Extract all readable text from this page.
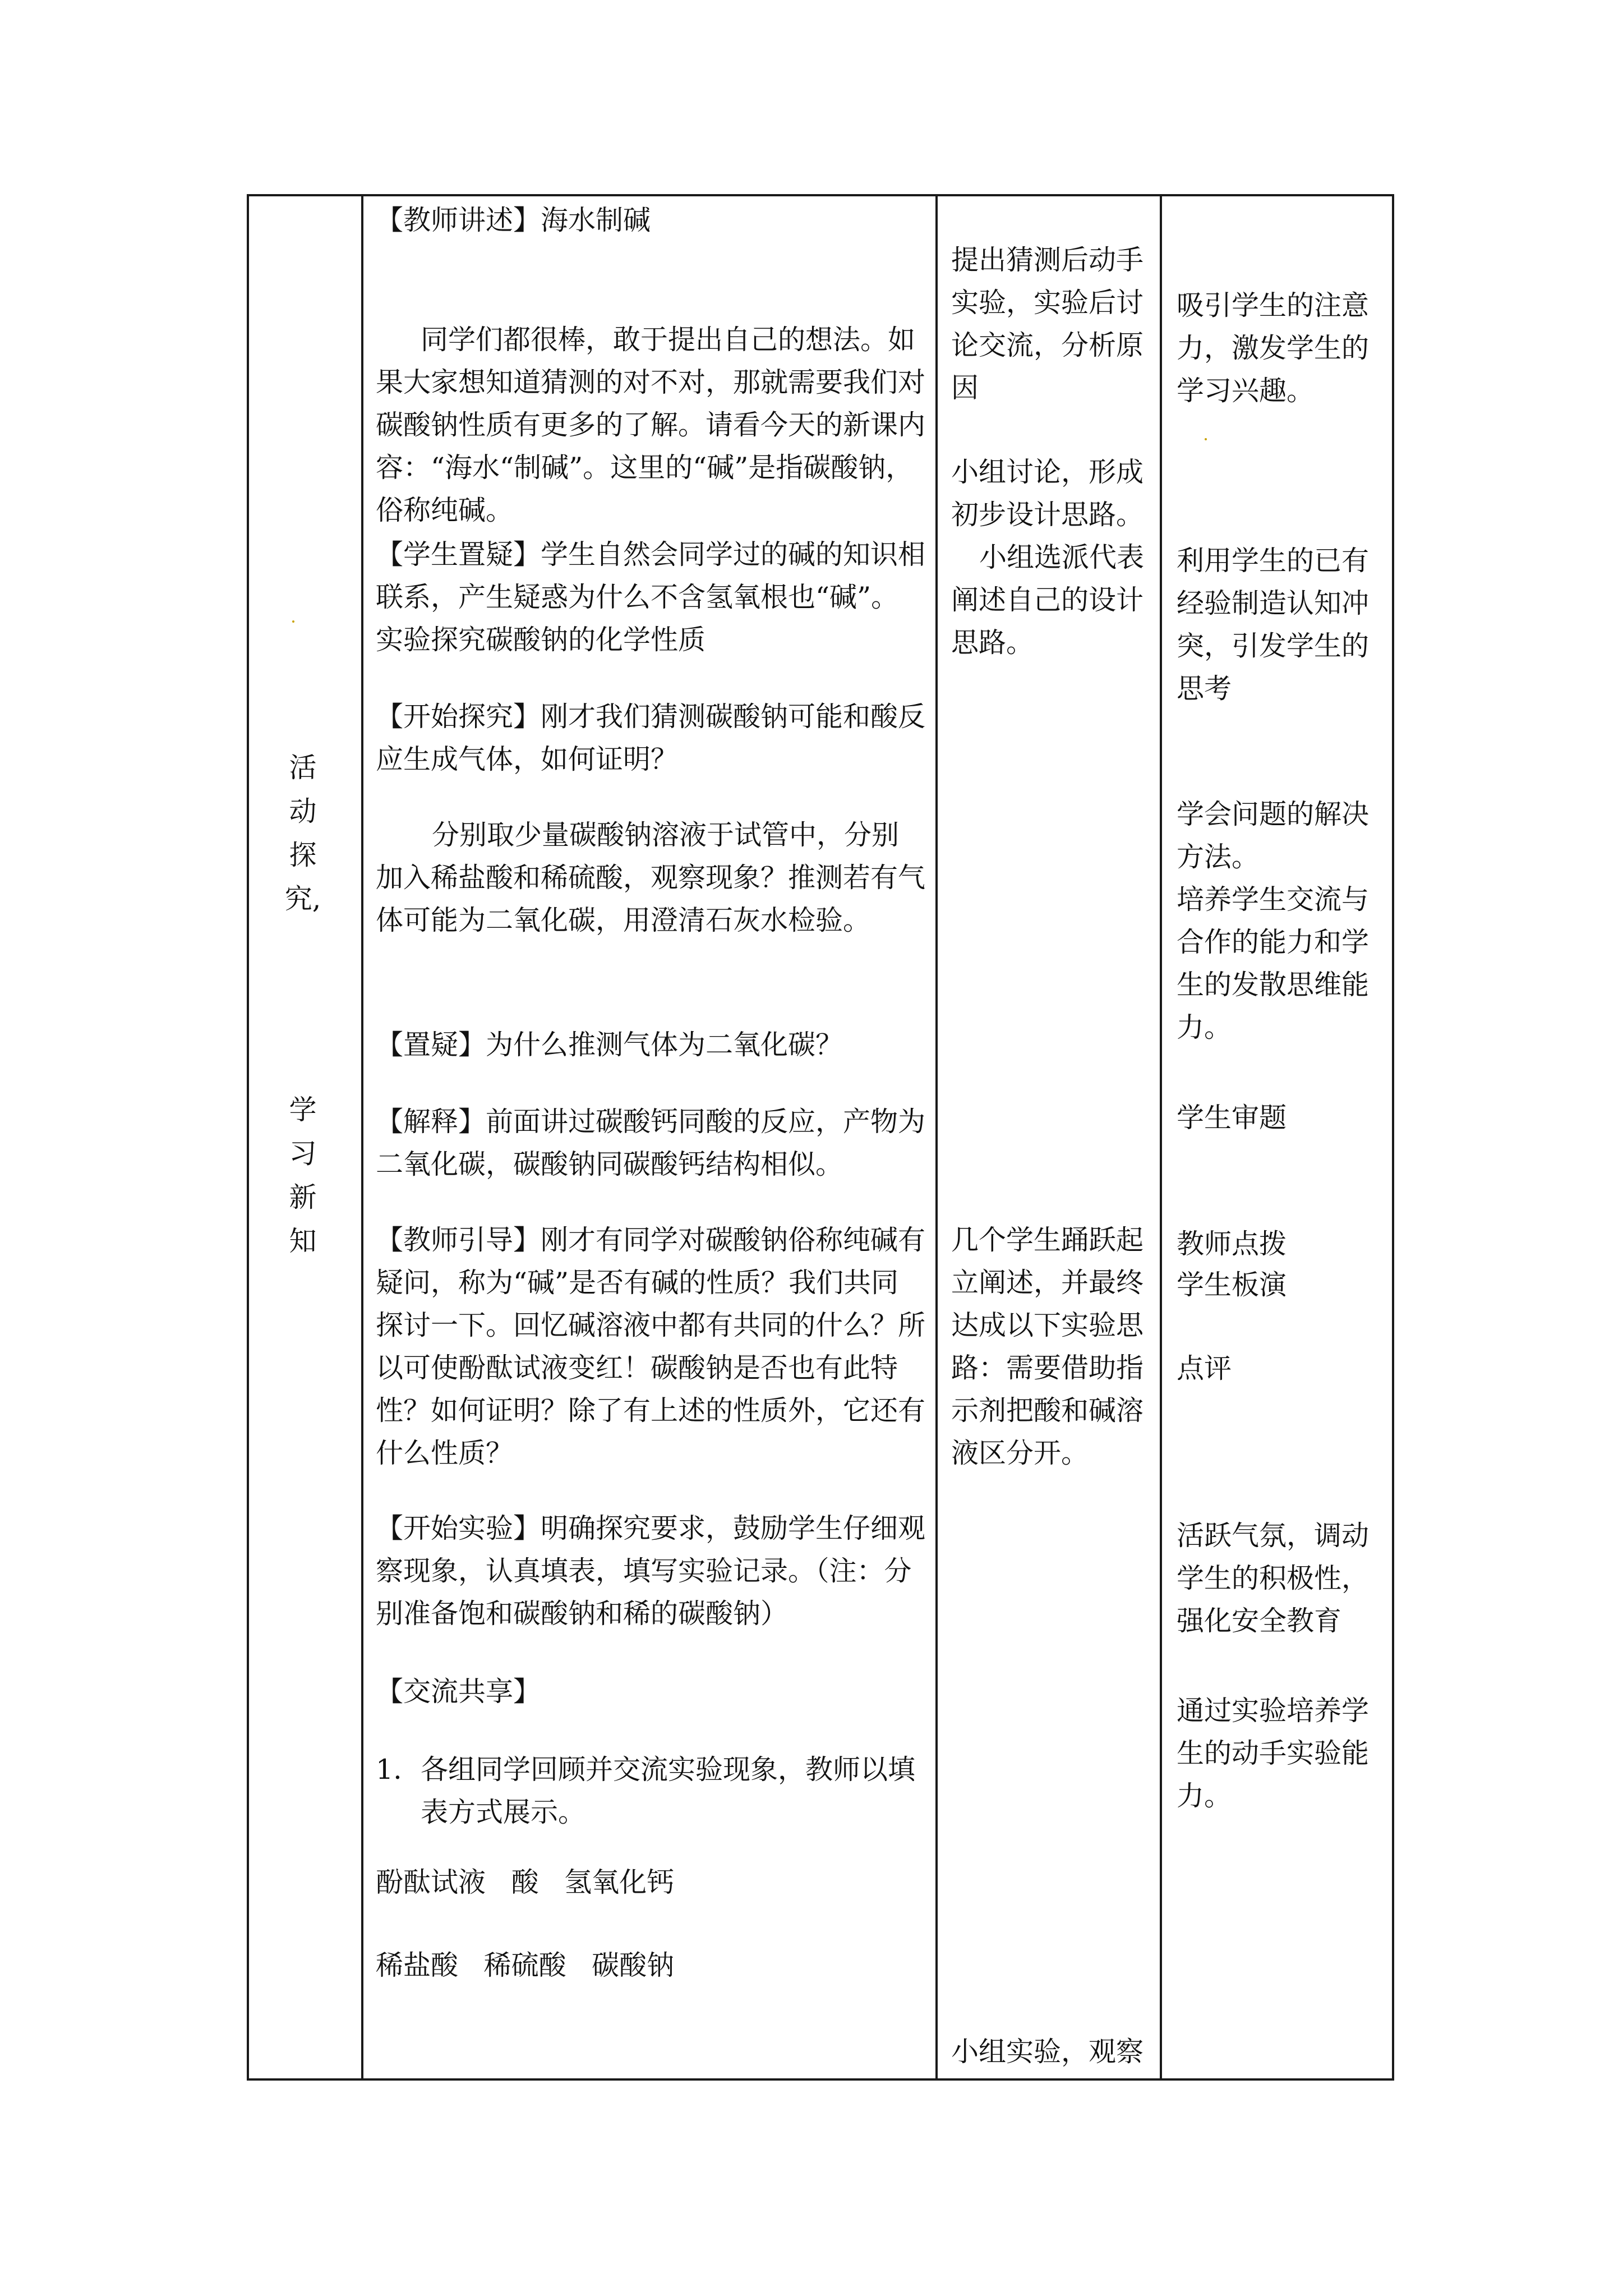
活
动
探
究,
学
习
新
知

【教师讲述】海水制碱

同学们都很棒，敢于提出自己的想法。如果大家想知道猜测的对不对，那就需要我们对碳酸钠性质有更多的了解。请看今天的新课内容：“海水“制碱”。这里的“碱”是指碳酸钠，俗称纯碱。

【学生置疑】学生自然会同学过的碱的知识相联系，产生疑惑为什么不含氢氧根也“碱”。 实验探究碳酸钠的化学性质

【开始探究】刚才我们猜测碳酸钠可能和酸反应生成气体，如何证明？

分别取少量碳酸钠溶液于试管中，分别加入稀盐酸和稀硫酸，观察现象？推测若有气体可能为二氧化碳，用澄清石灰水检验。

【置疑】为什么推测气体为二氧化碳？

【解释】前面讲过碳酸钙同酸的反应，产物为二氧化碳，碳酸钠同碳酸钙结构相似。

【教师引导】刚才有同学对碳酸钠俗称纯碱有疑问，称为“碱”是否有碱的性质？我们共同探讨一下。回忆碱溶液中都有共同的什么？所以可使酚酞试液变红！碳酸钠是否也有此特性？如何证明？除了有上述的性质外，它还有什么性质？

【开始实验】明确探究要求，鼓励学生仔细观察现象，认真填表，填写实验记录。（注：分别准备饱和碳酸钠和稀的碳酸钠）

【交流共享】

1. 各组同学回顾并交流实验现象，教师以填表方式展示。

酚酞试液 酸 氢氧化钙

稀盐酸 稀硫酸 碳酸钠

提出猜测后动手实验，实验后讨论交流，分析原因

小组讨论，形成初步设计思路。

小组选派代表阐述自己的设计思路。

几个学生踊跃起立阐述，并最终达成以下实验思路：需要借助指示剂把酸和碱溶液区分开。

小组实验，观察

吸引学生的注意力，激发学生的学习兴趣。

利用学生的已有经验制造认知冲突，引发学生的思考

学会问题的解决方法。

培养学生交流与合作的能力和学生的发散思维能力。

学生审题

教师点拨

学生板演

点评

活跃气氛，调动学生的积极性，强化安全教育

通过实验培养学生的动手实验能力。
